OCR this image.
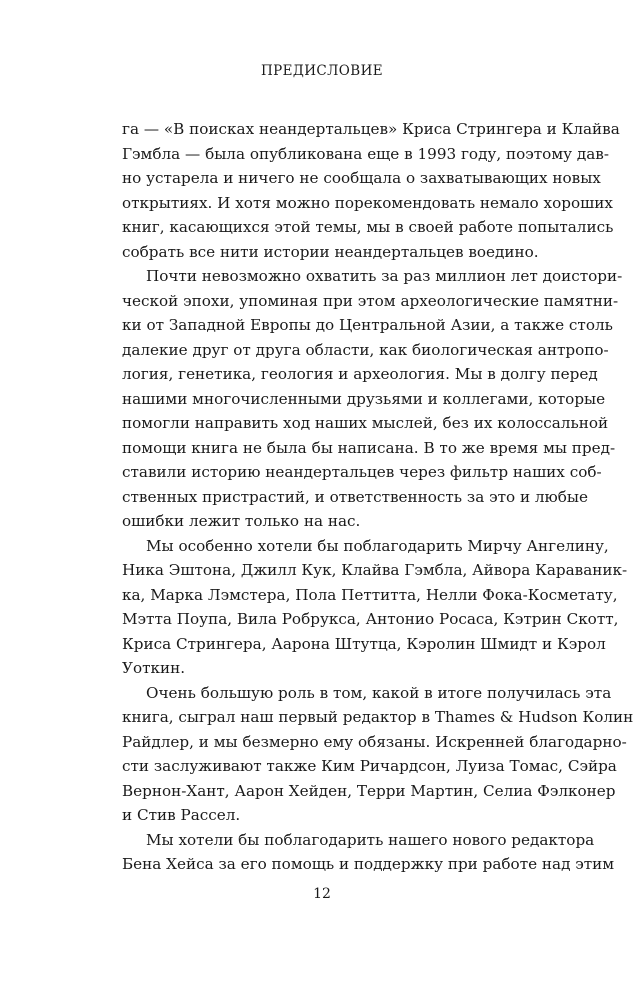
ПРЕДИСЛОВИЕ
га — «В поисках неандертальцев» Криса Стрингера и Клайва
Гэмбла — была опубликована еще в 1993 году, поэтому дав-
но устарела и ничего не сообщала о захватывающих новых
открытиях. И хотя можно порекомендовать немало хороших
книг, касающихся этой темы, мы в своей работе попытались
собрать все нити истории неандертальцев воедино.
Почти невозможно охватить за раз миллион лет доистори-
ческой эпохи, упоминая при этом археологические памятни-
ки от Западной Европы до Центральной Азии, а также столь
далекие друг от друга области, как биологическая антропо-
логия, генетика, геология и археология. Мы в долгу перед
нашими многочисленными друзьями и коллегами, которые
помогли направить ход наших мыслей, без их колоссальной
помощи книга не была бы написана. В то же время мы пред-
ставили историю неандертальцев через фильтр наших соб-
ственных пристрастий, и ответственность за это и любые
ошибки лежит только на нас.
Мы особенно хотели бы поблагодарить Мирчу Ангелину,
Ника Эштона, Джилл Кук, Клайва Гэмбла, Айвора Караваник-
ка, Марка Лэмстера, Пола Петтитта, Нелли Фока-Косметату,
Мэтта Поупа, Вила Робрукса, Антонио Росаса, Кэтрин Скотт,
Криса Стрингера, Аарона Штутца, Кэролин Шмидт и Кэрол
Уоткин.
Очень большую роль в том, какой в итоге получилась эта
книга, сыграл наш первый редактор в Thames & Hudson Колин
Райдлер, и мы безмерно ему обязаны. Искренней благодарно-
сти заслуживают также Ким Ричардсон, Луиза Томас, Сэйра
Вернон-Хант, Аарон Хейден, Терри Мартин, Селиа Фэлконер
и Стив Рассел.
Мы хотели бы поблагодарить нашего нового редактора
Бена Хейса за его помощь и поддержку при работе над этим
12
